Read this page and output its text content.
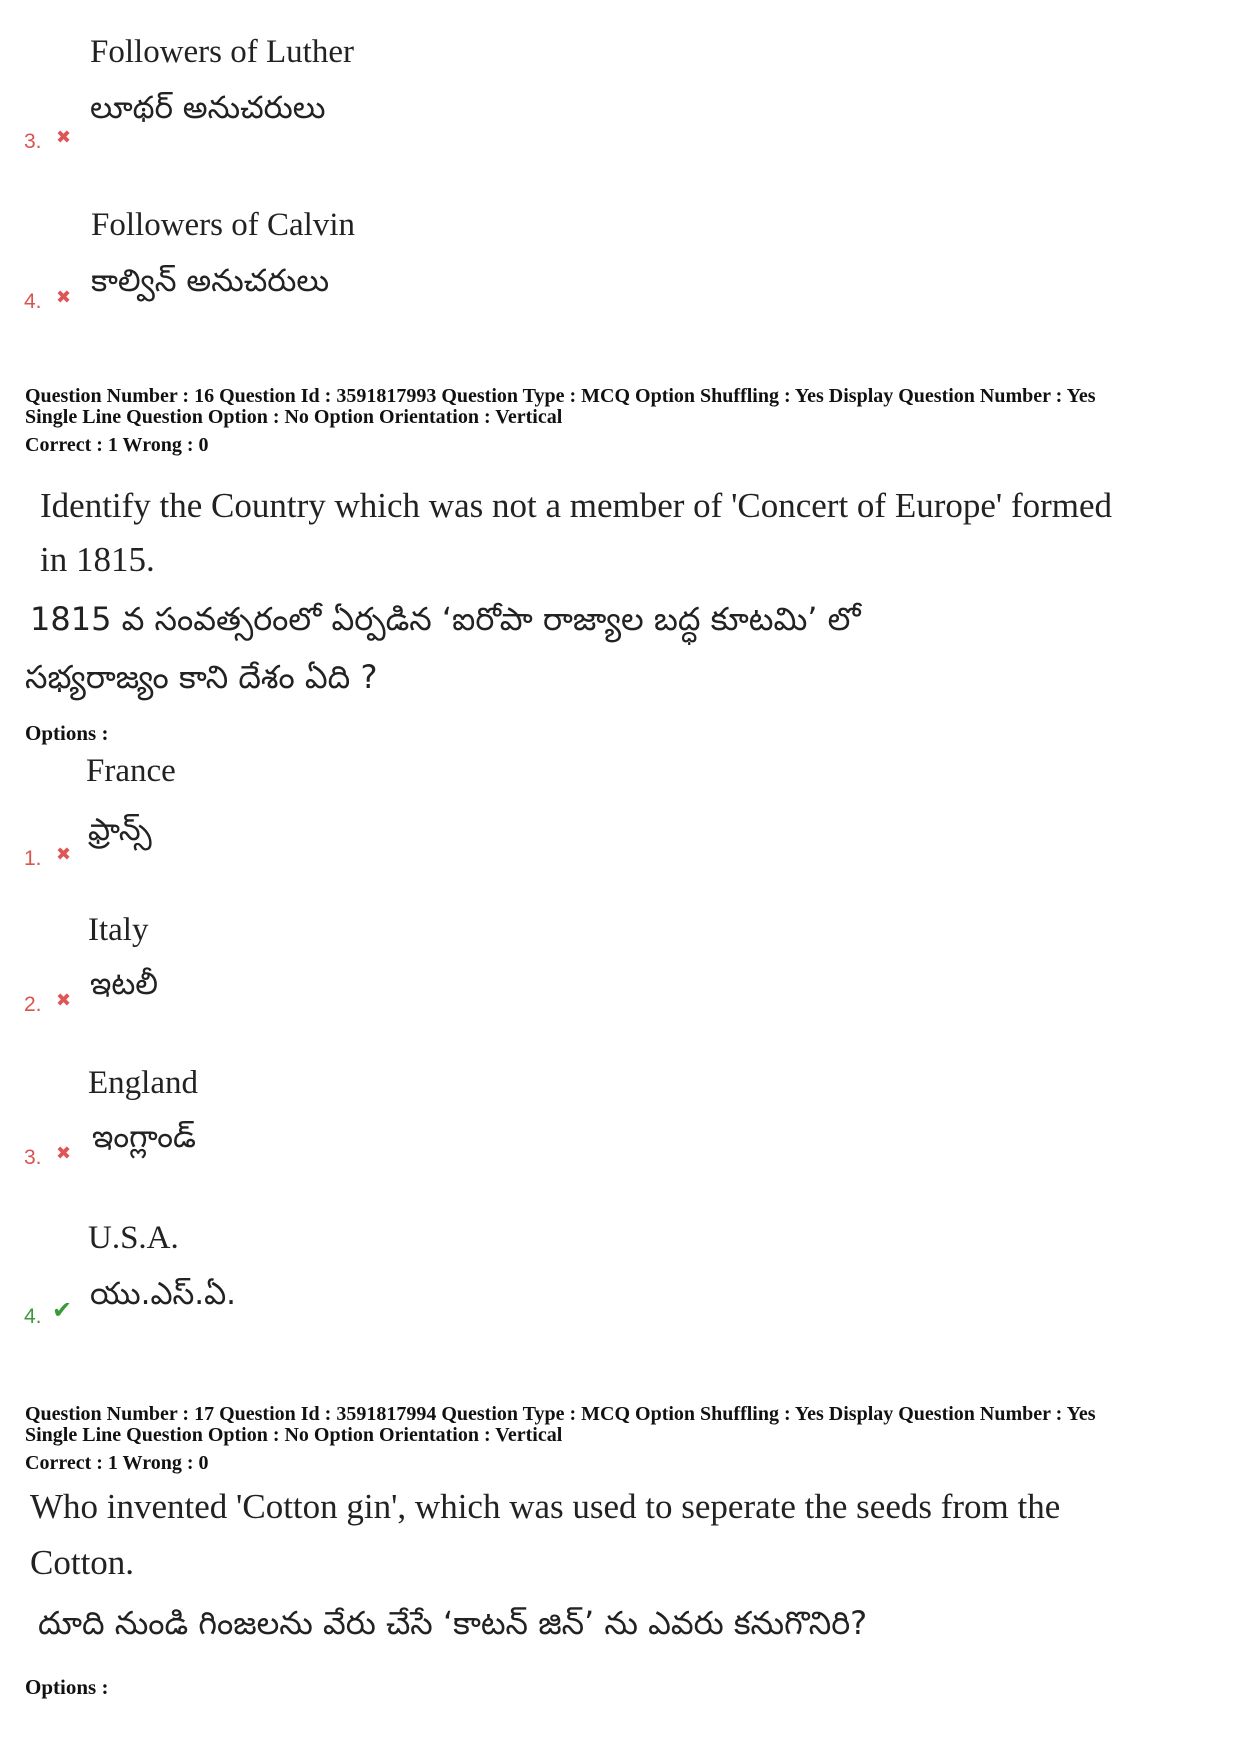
Followers of Luther
లూథర్ అనుచరులు
3. ✖
Followers of Calvin
కాల్విన్ అనుచరులు
4. ✖
Question Number : 16 Question Id : 3591817993 Question Type : MCQ Option Shuffling : Yes Display Question Number : Yes
Single Line Question Option : No Option Orientation : Vertical
Correct : 1 Wrong : 0
Identify the Country which was not a member of 'Concert of Europe' formed
in 1815.
1815 వ సంవత్సరంలో ఏర్పడిన ‘ఐరోపా రాజ్యాల బద్ధ కూటమి’ లో
సభ్యరాజ్యం కాని దేశం ఏది ?
Options :
France
ఫ్రాన్స్
1. ✖
Italy
ఇటలీ
2. ✖
England
ఇంగ్లాండ్
3. ✖
U.S.A.
యు.ఎస్.ఏ.
4. ✔
Question Number : 17 Question Id : 3591817994 Question Type : MCQ Option Shuffling : Yes Display Question Number : Yes
Single Line Question Option : No Option Orientation : Vertical
Correct : 1 Wrong : 0
Who invented 'Cotton gin', which was used to seperate the seeds from the
Cotton.
దూది నుండి గింజలను వేరు చేసే ‘కాటన్ జిన్’ ను ఎవరు కనుగొనిరి?
Options :
